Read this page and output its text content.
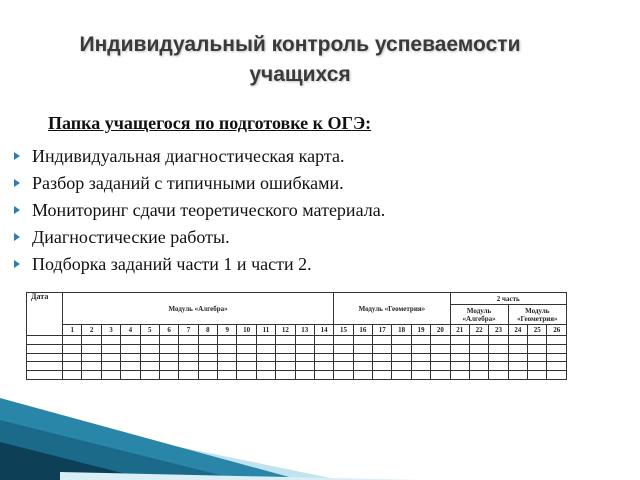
Индивидуальный контроль успеваемости учащихся
Папка учащегося по подготовке к ОГЭ:
Индивидуальная диагностическая карта.
Разбор заданий с типичными ошибками.
Мониторинг сдачи теоретического материала.
Диагностические работы.
Подборка заданий части 1 и части 2.
Дата	Модуль «Алгебра»														Модуль «Геометрия»						2 часть					
																					Модуль «Алгебра»			Модуль «Геометрия»		
	1	2	3	4	5	6	7	8	9	10	11	12	13	14	15	16	17	18	19	20	21	22	23	24	25	26
